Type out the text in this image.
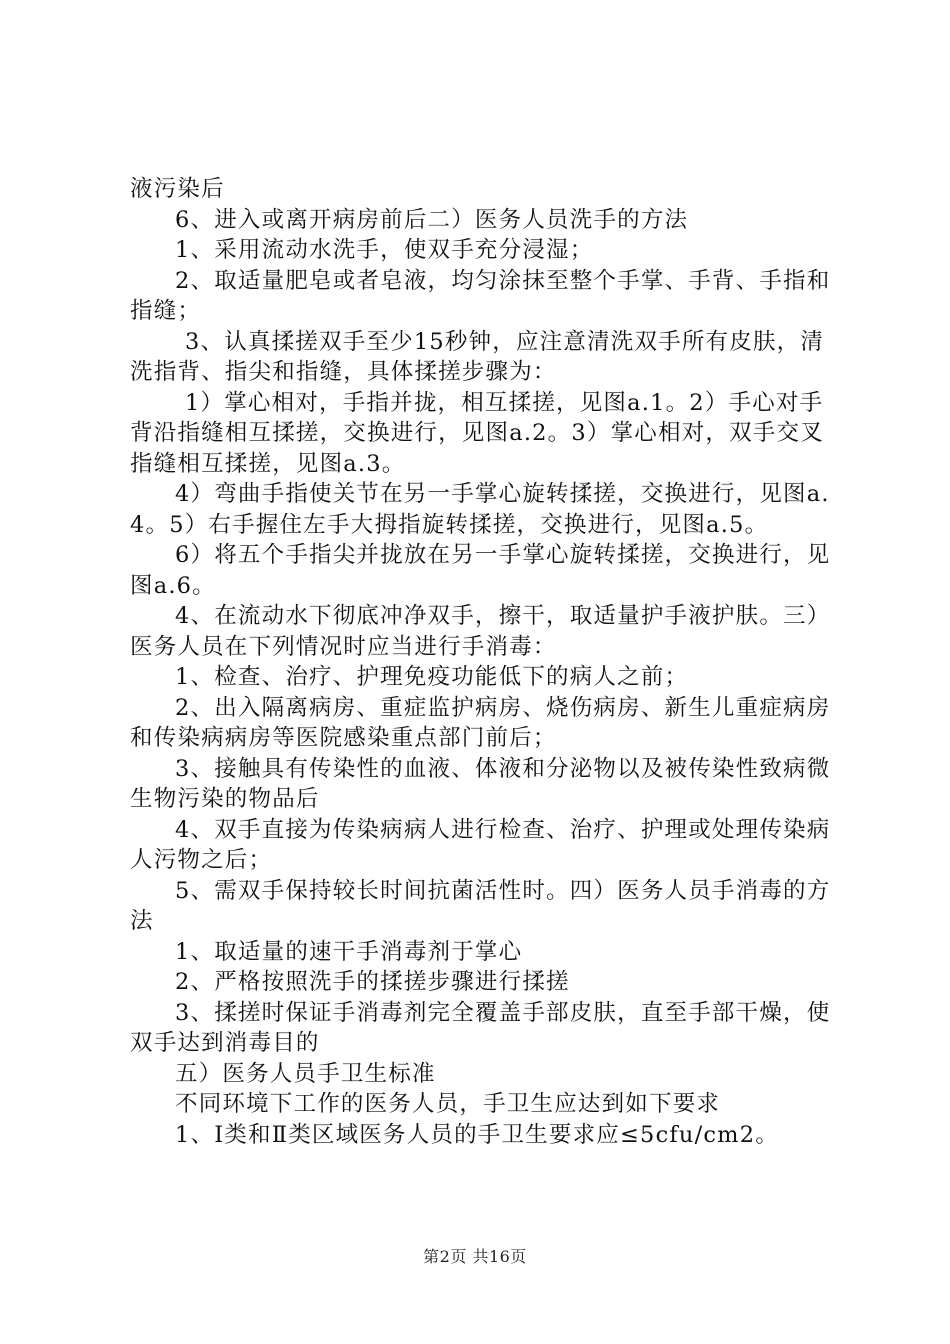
液污染后

6、进入或离开病房前后二）医务人员洗手的方法

1、采用流动水洗手，使双手充分浸湿；

2、取适量肥皂或者皂液，均匀涂抹至整个手掌、手背、手指和指缝；

3、认真揉搓双手至少15秒钟，应注意清洗双手所有皮肤，清洗指背、指尖和指缝，具体揉搓步骤为：

1）掌心相对，手指并拢，相互揉搓，见图a.1。2）手心对手背沿指缝相互揉搓，交换进行，见图a.2。3）掌心相对，双手交叉指缝相互揉搓，见图a.3。

4）弯曲手指使关节在另一手掌心旋转揉搓，交换进行，见图a.4。5）右手握住左手大拇指旋转揉搓，交换进行，见图a.5。

6）将五个手指尖并拢放在另一手掌心旋转揉搓，交换进行，见图a.6。

4、在流动水下彻底冲净双手，擦干，取适量护手液护肤。三）医务人员在下列情况时应当进行手消毒：

1、检查、治疗、护理免疫功能低下的病人之前；

2、出入隔离病房、重症监护病房、烧伤病房、新生儿重症病房和传染病病房等医院感染重点部门前后；

3、接触具有传染性的血液、体液和分泌物以及被传染性致病微生物污染的物品后

4、双手直接为传染病病人进行检查、治疗、护理或处理传染病人污物之后；

5、需双手保持较长时间抗菌活性时。四）医务人员手消毒的方法

1、取适量的速干手消毒剂于掌心

2、严格按照洗手的揉搓步骤进行揉搓

3、揉搓时保证手消毒剂完全覆盖手部皮肤，直至手部干燥，使双手达到消毒目的

五）医务人员手卫生标准

不同环境下工作的医务人员，手卫生应达到如下要求

1、Ⅰ类和Ⅱ类区域医务人员的手卫生要求应≤5cfu/cm2。

第2页 共16页
